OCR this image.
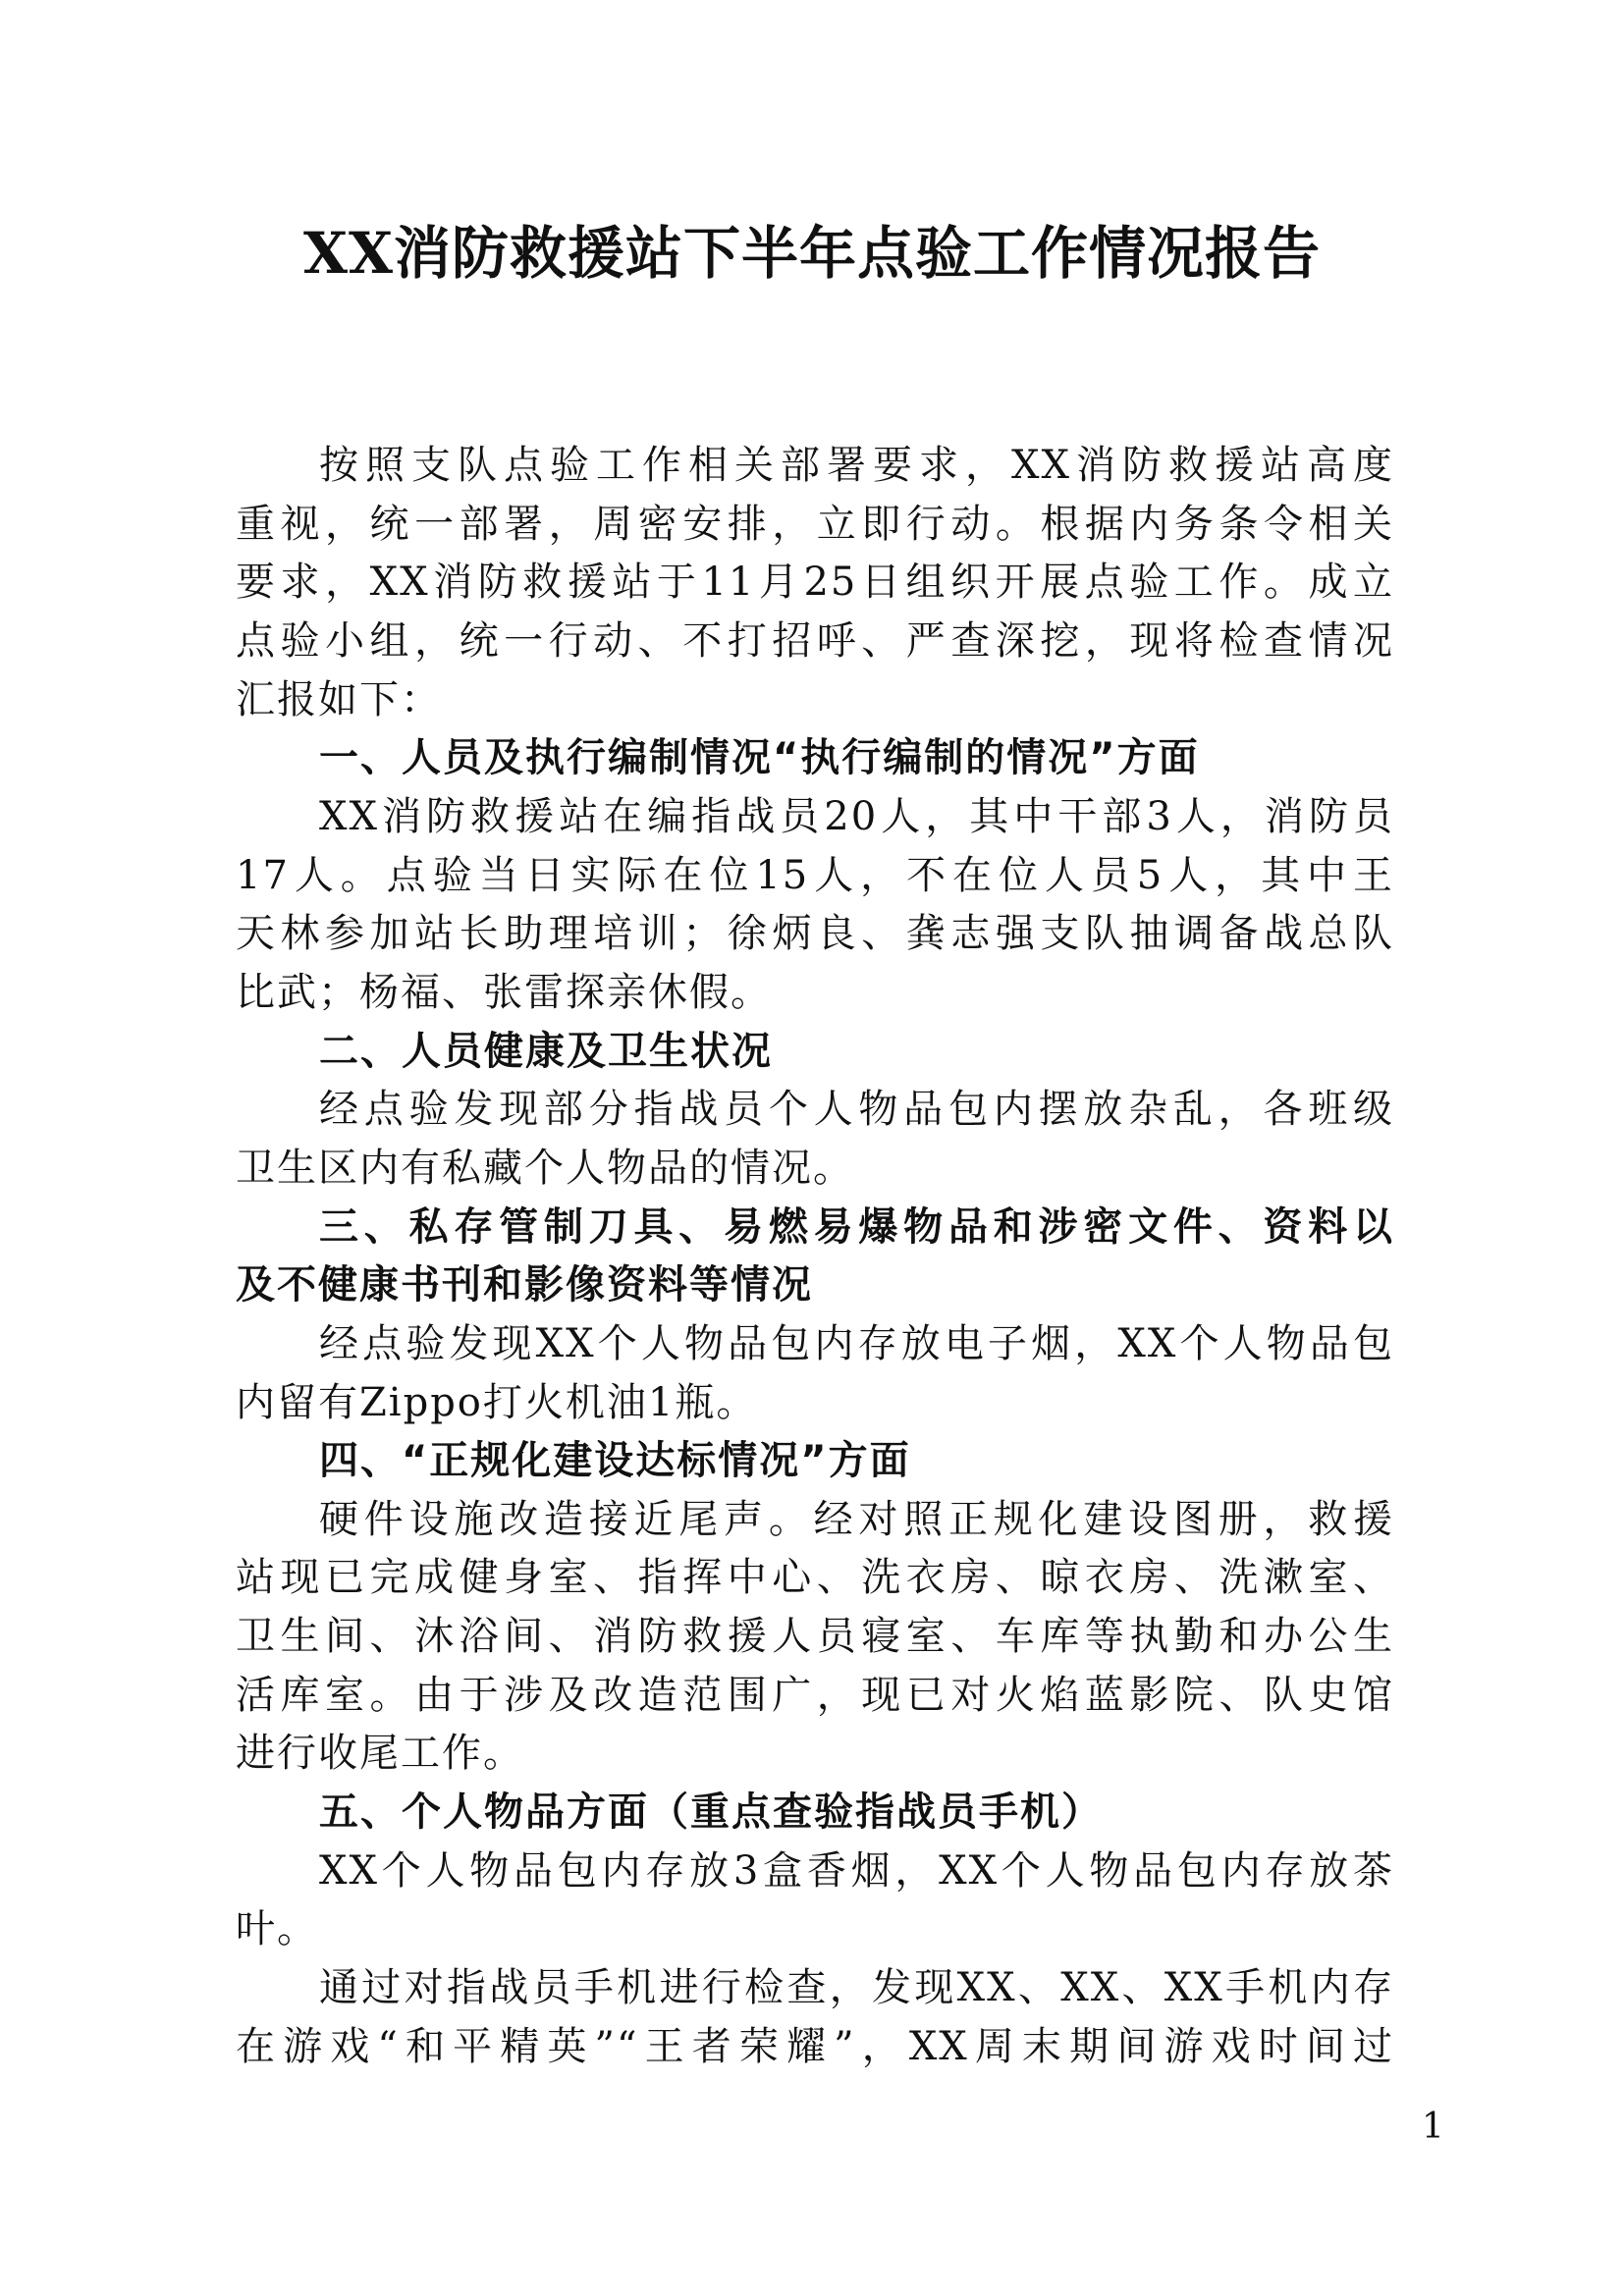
XX消防救援站下半年点验工作情况报告
按照支队点验工作相关部署要求，XX消防救援站高度
重视，统一部署，周密安排，立即行动。根据内务条令相关
要求，XX消防救援站于11月25日组织开展点验工作。成立
点验小组，统一行动、不打招呼、严查深挖，现将检查情况
汇报如下：
一、人员及执行编制情况“执行编制的情况”方面
XX消防救援站在编指战员20人，其中干部3人，消防员
17人。点验当日实际在位15人，不在位人员5人，其中王
天林参加站长助理培训；徐炳良、龚志强支队抽调备战总队
比武；杨福、张雷探亲休假。
二、人员健康及卫生状况
经点验发现部分指战员个人物品包内摆放杂乱，各班级
卫生区内有私藏个人物品的情况。
三、私存管制刀具、易燃易爆物品和涉密文件、资料以
及不健康书刊和影像资料等情况
经点验发现XX个人物品包内存放电子烟，XX个人物品包
内留有Zippo打火机油1瓶。
四、“正规化建设达标情况”方面
硬件设施改造接近尾声。经对照正规化建设图册，救援
站现已完成健身室、指挥中心、洗衣房、晾衣房、洗漱室、
卫生间、沐浴间、消防救援人员寝室、车库等执勤和办公生
活库室。由于涉及改造范围广，现已对火焰蓝影院、队史馆
进行收尾工作。
五、个人物品方面（重点查验指战员手机）
XX个人物品包内存放3盒香烟，XX个人物品包内存放茶
叶。
通过对指战员手机进行检查，发现XX、XX、XX手机内存
在游戏“和平精英”“王者荣耀”，XX周末期间游戏时间过
1
